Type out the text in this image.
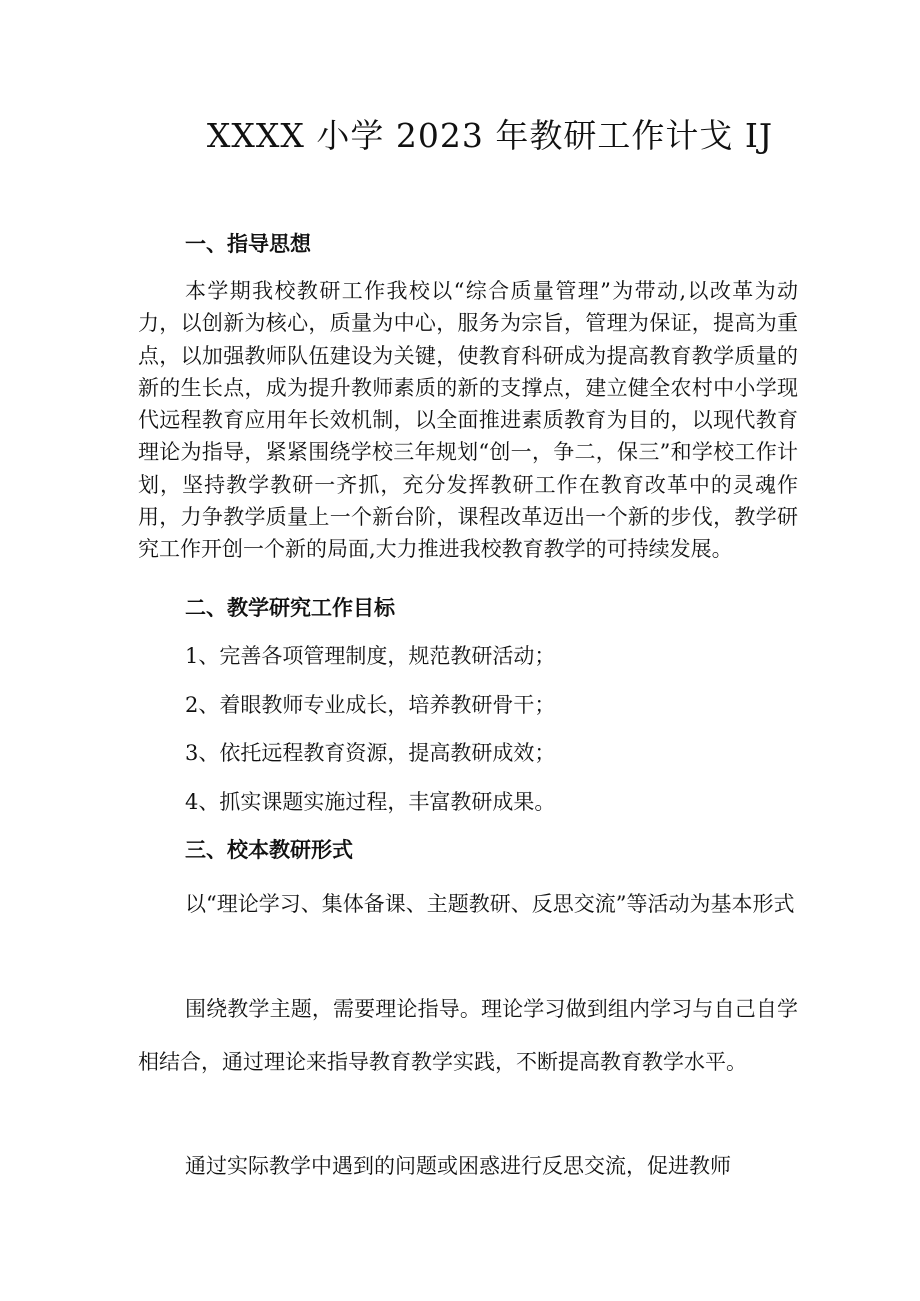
XXXX 小学 2023 年教研工作计戈 IJ
一、指导思想

本学期我校教研工作我校以“综合质量管理”为带动,以改革为动力，以创新为核心，质量为中心，服务为宗旨，管理为保证，提高为重点，以加强教师队伍建设为关键，使教育科研成为提高教育教学质量的新的生长点，成为提升教师素质的新的支撑点，建立健全农村中小学现代远程教育应用年长效机制，以全面推进素质教育为目的，以现代教育理论为指导，紧紧围绕学校三年规划“创一，争二，保三”和学校工作计划，坚持教学教研一齐抓，充分发挥教研工作在教育改革中的灵魂作用，力争教学质量上一个新台阶，课程改革迈出一个新的步伐，教学研究工作开创一个新的局面,大力推进我校教育教学的可持续发展。

二、教学研究工作目标

1、完善各项管理制度，规范教研活动；

2、着眼教师专业成长，培养教研骨干；

3、依托远程教育资源，提高教研成效；

4、抓实课题实施过程，丰富教研成果。

三、校本教研形式

以“理论学习、集体备课、主题教研、反思交流”等活动为基本形式

围绕教学主题，需要理论指导。理论学习做到组内学习与自己自学相结合，通过理论来指导教育教学实践，不断提高教育教学水平。

通过实际教学中遇到的问题或困惑进行反思交流，促进教师
